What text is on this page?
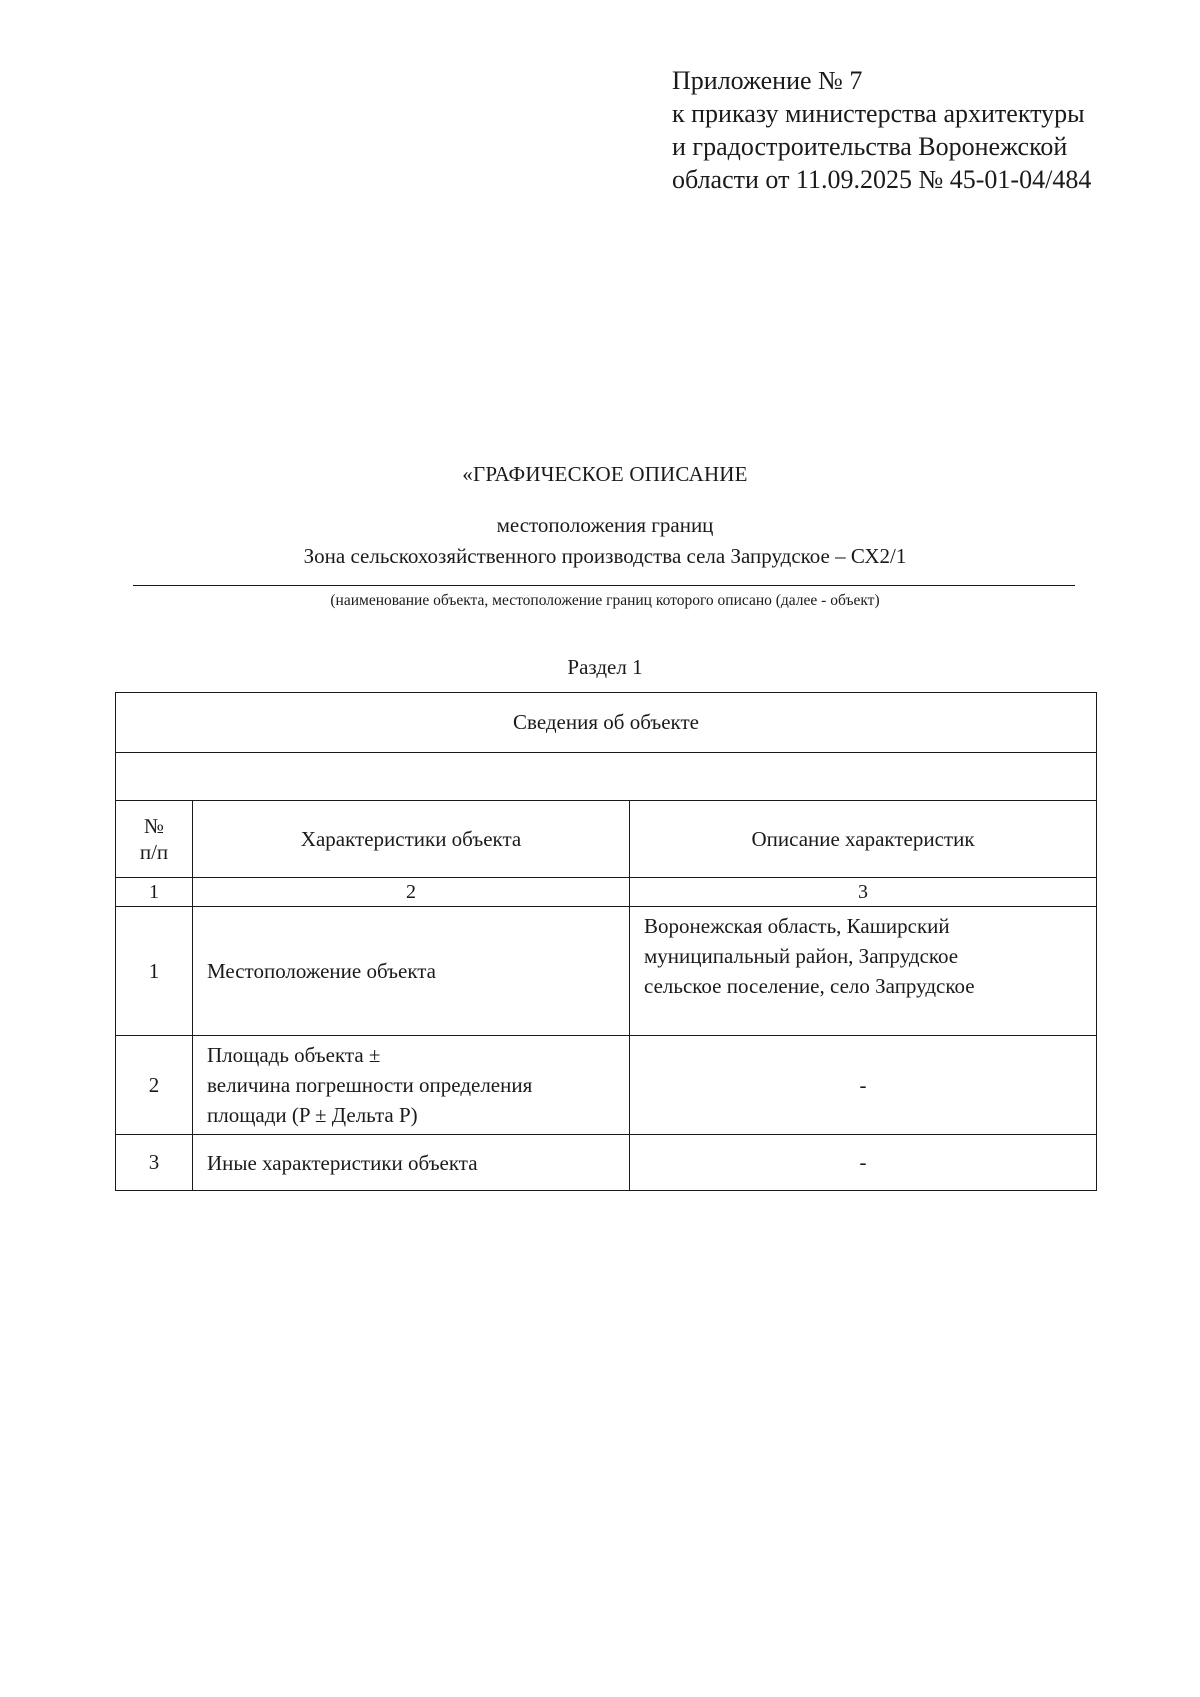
Приложение № 7
к приказу министерства архитектуры
и градостроительства Воронежской
области от 11.09.2025 № 45-01-04/484
«ГРАФИЧЕСКОЕ ОПИСАНИЕ
местоположения границ
Зона сельскохозяйственного производства села Запрудское – СХ2/1
(наименование объекта, местоположение границ которого описано (далее - объект)
Раздел 1
Сведения об объекте		

№
п/п	Характеристики объекта	Описание характеристик
1	2	3
1	Местоположение объекта	Воронежская область, Каширский
муниципальный район, Запрудское
сельское поселение, село Запрудское

2	Площадь объекта ±
величина погрешности определения
площади (P ± Дельта P)	-
3	Иные характеристики объекта	-
